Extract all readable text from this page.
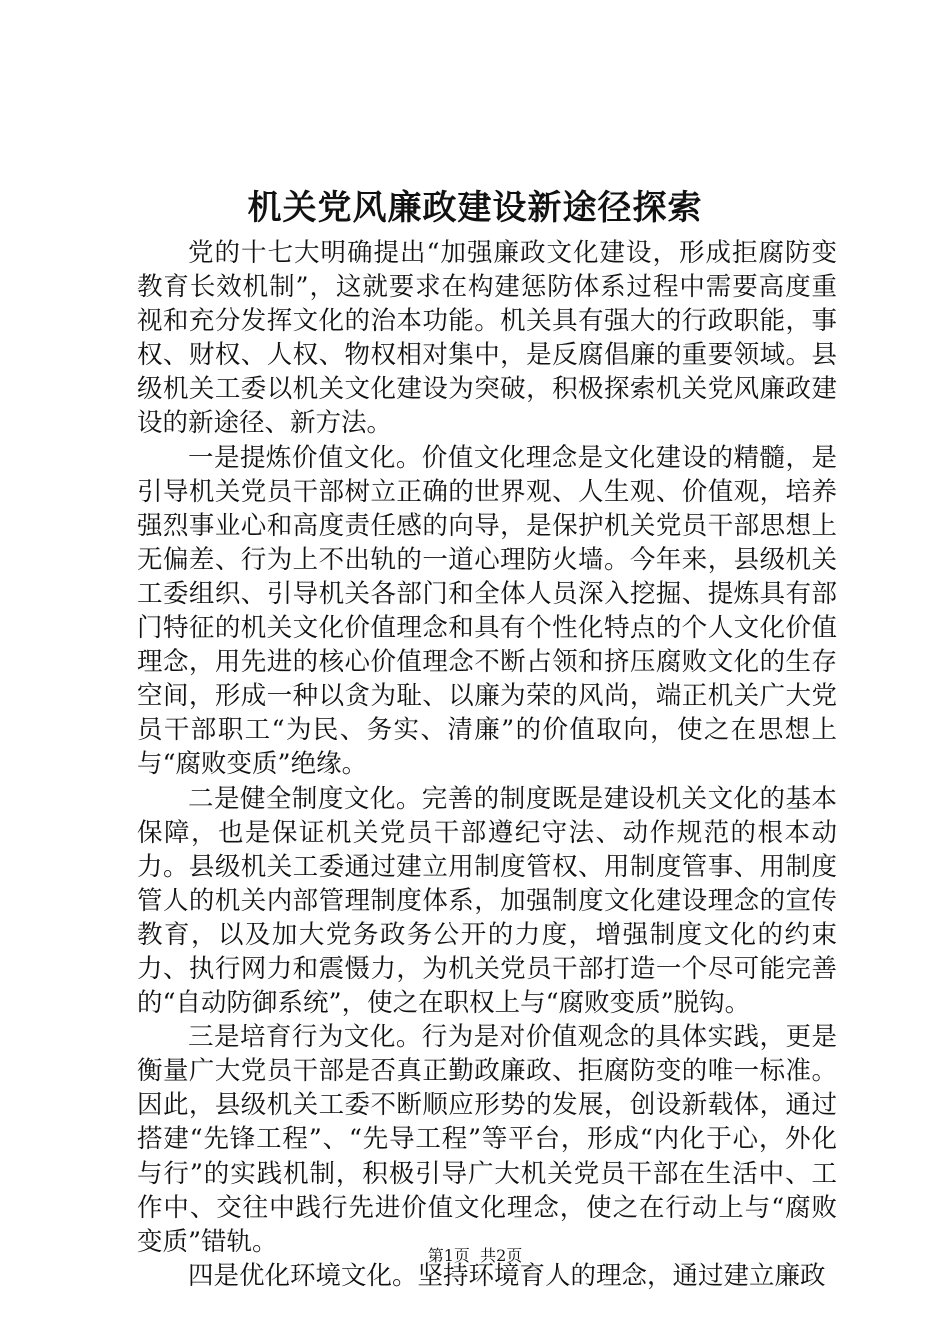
机关党风廉政建设新途径探索

党的十七大明确提出“加强廉政文化建设，形成拒腐防变教育长效机制”，这就要求在构建惩防体系过程中需要高度重视和充分发挥文化的治本功能。机关具有强大的行政职能，事权、财权、人权、物权相对集中，是反腐倡廉的重要领域。县级机关工委以机关文化建设为突破，积极探索机关党风廉政建设的新途径、新方法。

一是提炼价值文化。价值文化理念是文化建设的精髓，是引导机关党员干部树立正确的世界观、人生观、价值观，培养强烈事业心和高度责任感的向导，是保护机关党员干部思想上无偏差、行为上不出轨的一道心理防火墙。今年来，县级机关工委组织、引导机关各部门和全体人员深入挖掘、提炼具有部门特征的机关文化价值理念和具有个性化特点的个人文化价值理念，用先进的核心价值理念不断占领和挤压腐败文化的生存空间，形成一种以贪为耻、以廉为荣的风尚，端正机关广大党员干部职工“为民、务实、清廉”的价值取向，使之在思想上与“腐败变质”绝缘。

二是健全制度文化。完善的制度既是建设机关文化的基本保障，也是保证机关党员干部遵纪守法、动作规范的根本动力。县级机关工委通过建立用制度管权、用制度管事、用制度管人的机关内部管理制度体系，加强制度文化建设理念的宣传教育，以及加大党务政务公开的力度，增强制度文化的约束力、执行网力和震慑力，为机关党员干部打造一个尽可能完善的“自动防御系统”，使之在职权上与“腐败变质”脱钩。

三是培育行为文化。行为是对价值观念的具体实践，更是衡量广大党员干部是否真正勤政廉政、拒腐防变的唯一标准。因此，县级机关工委不断顺应形势的发展，创设新载体，通过搭建“先锋工程”、“先导工程”等平台，形成“内化于心，外化与行”的实践机制，积极引导广大机关党员干部在生活中、工作中、交往中践行先进价值文化理念，使之在行动上与“腐败变质”错轨。

四是优化环境文化。坚持环境育人的理念，通过建立廉政

第1页 共2页
